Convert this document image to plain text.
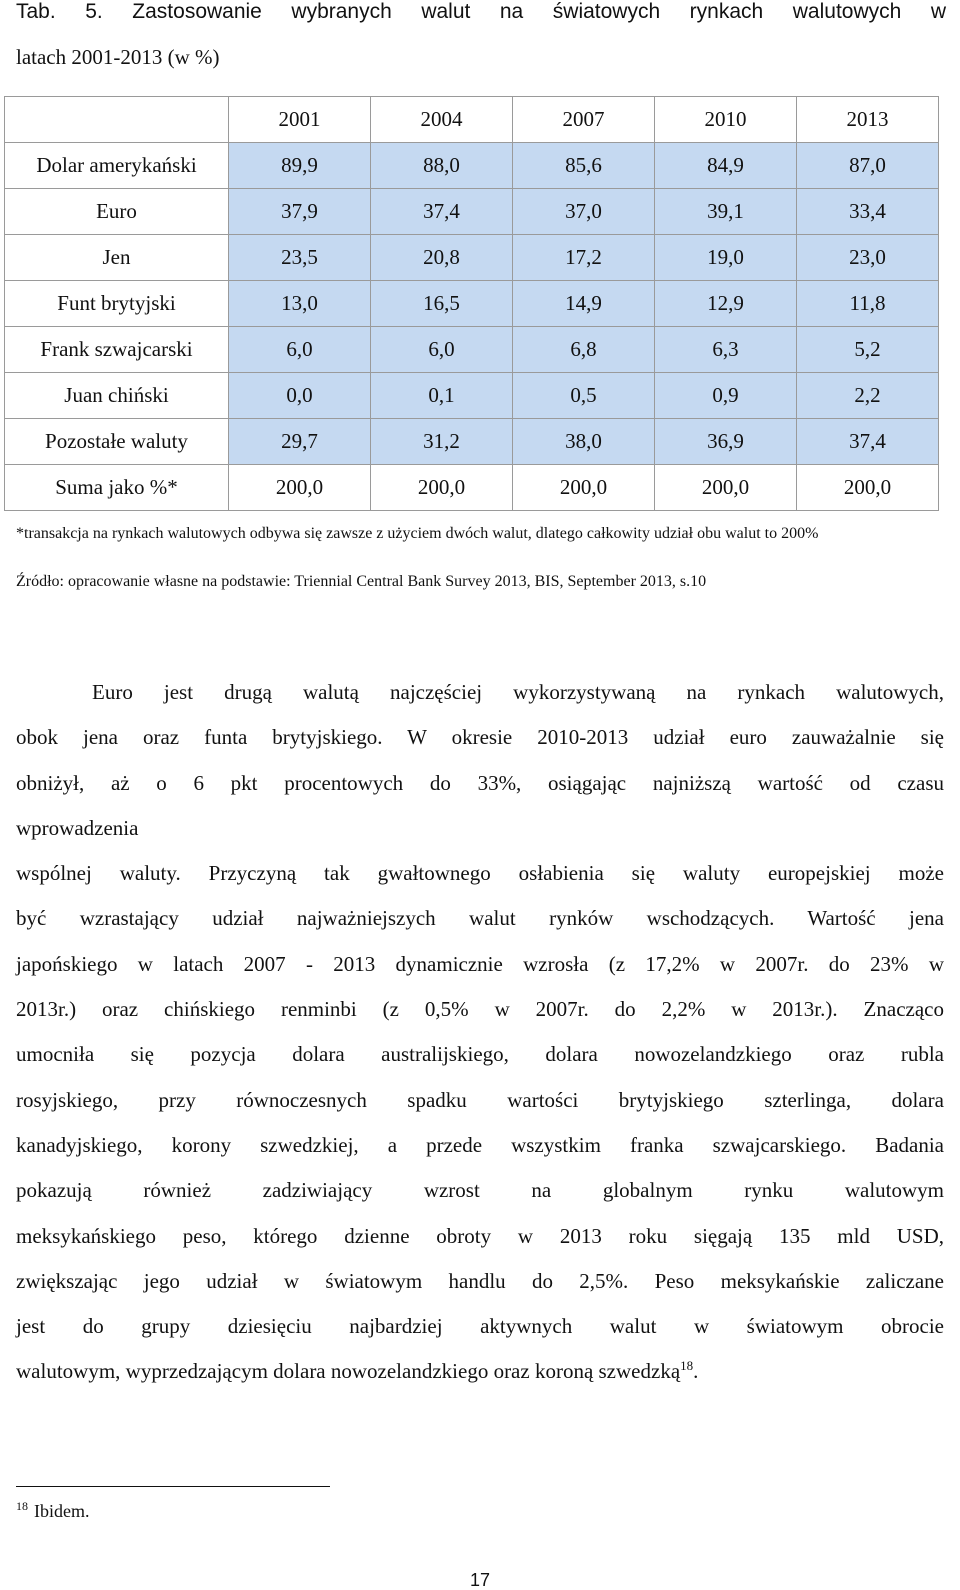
Tab. 5. Zastosowanie wybranych walut na światowych rynkach walutowych w
latach 2001-2013 (w %)
	2001	2004	2007	2010	2013
Dolar amerykański	89,9	88,0	85,6	84,9	87,0
Euro	37,9	37,4	37,0	39,1	33,4
Jen	23,5	20,8	17,2	19,0	23,0
Funt brytyjski	13,0	16,5	14,9	12,9	11,8
Frank szwajcarski	6,0	6,0	6,8	6,3	5,2
Juan chiński	0,0	0,1	0,5	0,9	2,2
Pozostałe waluty	29,7	31,2	38,0	36,9	37,4
Suma jako %*	200,0	200,0	200,0	200,0	200,0
*transakcja na rynkach walutowych odbywa się zawsze z użyciem dwóch walut, dlatego całkowity udział obu walut to 200%
Źródło: opracowanie własne na podstawie: Triennial Central Bank Survey 2013, BIS, September 2013, s.10
Euro jest drugą walutą najczęściej wykorzystywaną na rynkach walutowych,
obok jena oraz funta brytyjskiego. W okresie 2010-2013 udział euro zauważalnie się
obniżył, aż o 6 pkt procentowych do 33%, osiągając najniższą wartość od czasu
wprowadzenia
wspólnej waluty. Przyczyną tak gwałtownego osłabienia się waluty europejskiej może
być wzrastający udział najważniejszych walut rynków wschodzących. Wartość jena
japońskiego w latach 2007 - 2013 dynamicznie wzrosła (z 17,2% w 2007r. do 23% w
2013r.) oraz chińskiego renminbi (z 0,5% w 2007r. do 2,2% w 2013r.). Znacząco
umocniła się pozycja dolara australijskiego, dolara nowozelandzkiego oraz rubla
rosyjskiego, przy równoczesnych spadku wartości brytyjskiego szterlinga, dolara
kanadyjskiego, korony szwedzkiej, a przede wszystkim franka szwajcarskiego. Badania
pokazują również zadziwiający wzrost na globalnym rynku walutowym
meksykańskiego peso, którego dzienne obroty w 2013 roku sięgają 135 mld USD,
zwiększając jego udział w światowym handlu do 2,5%. Peso meksykańskie zaliczane
jest do grupy dziesięciu najbardziej aktywnych walut w światowym obrocie
walutowym, wyprzedzającym dolara nowozelandzkiego oraz koroną szwedzką$^{18}$.
$^{18}$ Ibidem.
17
